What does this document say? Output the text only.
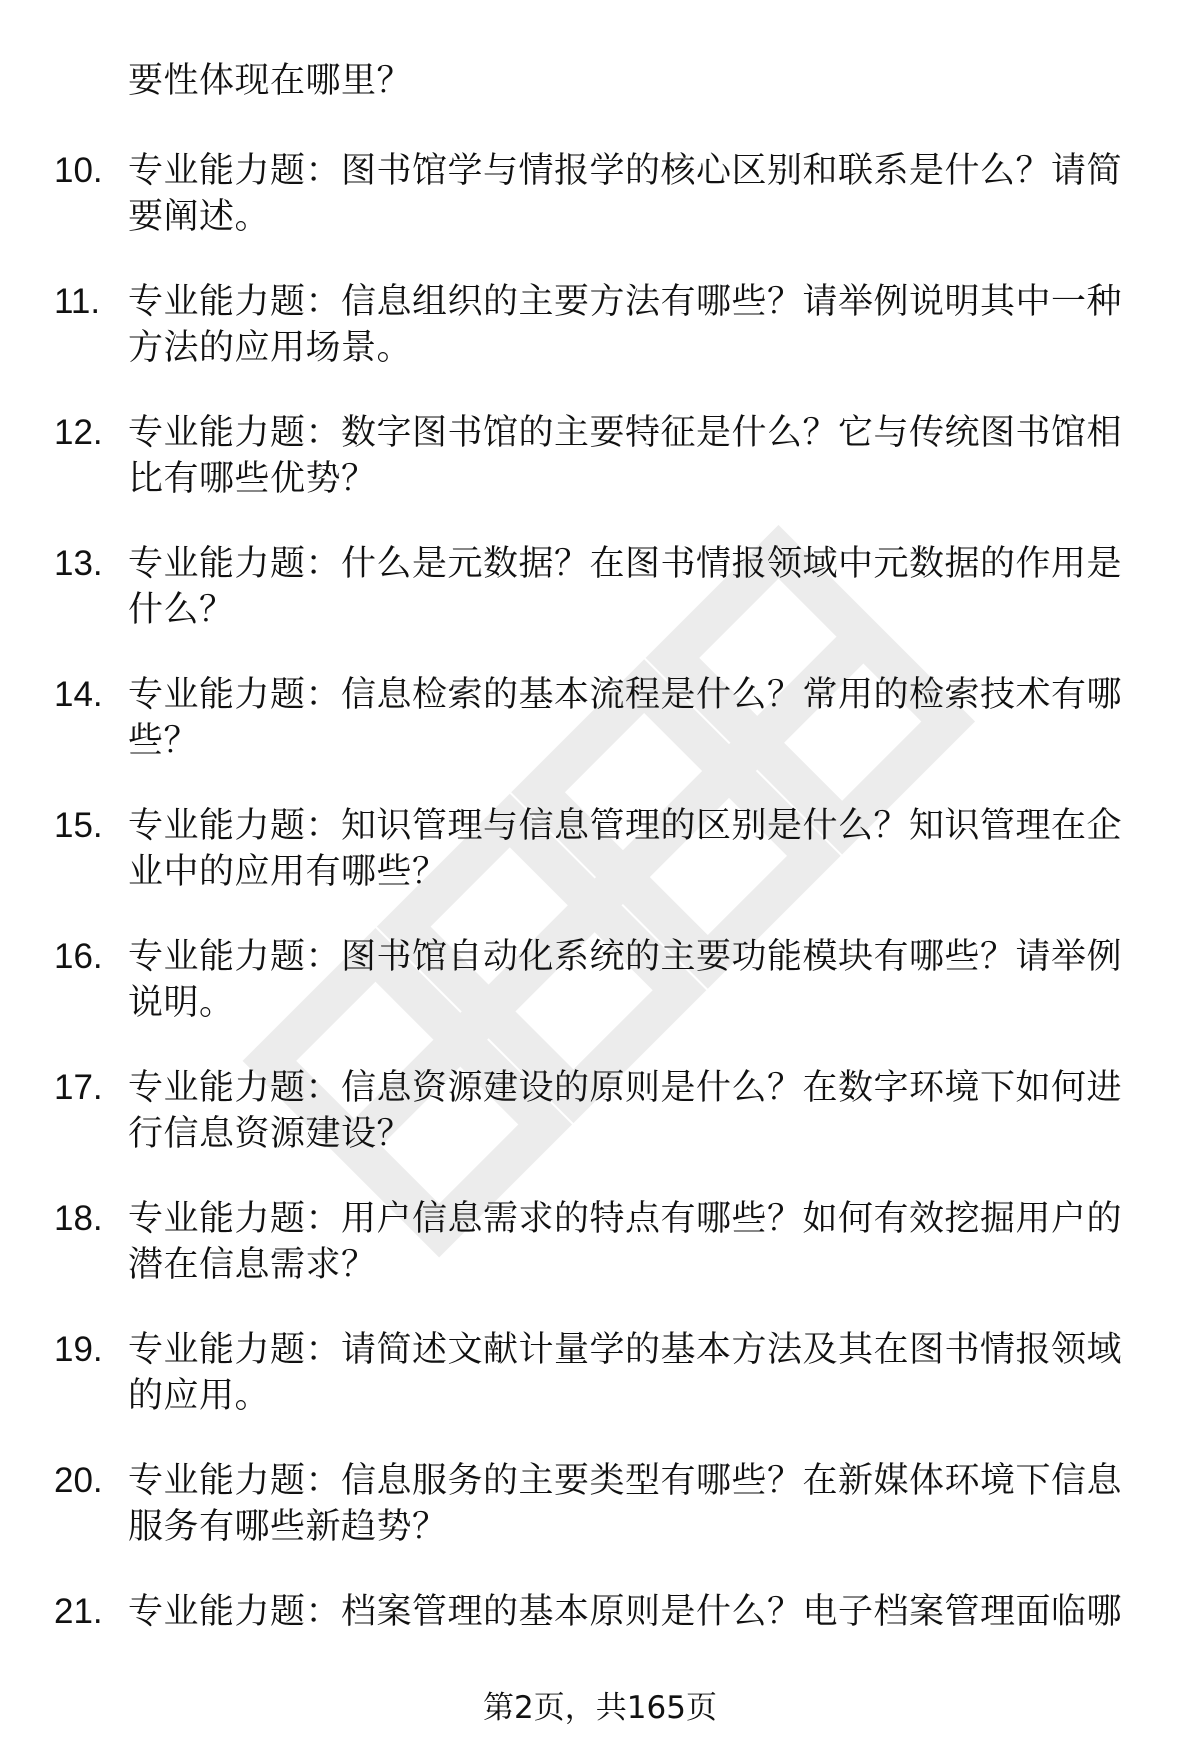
要性体现在哪里？
10. 专业能力题：图书馆学与情报学的核心区别和联系是什么？请简要阐述。
11. 专业能力题：信息组织的主要方法有哪些？请举例说明其中一种方法的应用场景。
12. 专业能力题：数字图书馆的主要特征是什么？它与传统图书馆相比有哪些优势？
13. 专业能力题：什么是元数据？在图书情报领域中元数据的作用是什么？
14. 专业能力题：信息检索的基本流程是什么？常用的检索技术有哪些？
15. 专业能力题：知识管理与信息管理的区别是什么？知识管理在企业中的应用有哪些？
16. 专业能力题：图书馆自动化系统的主要功能模块有哪些？请举例说明。
17. 专业能力题：信息资源建设的原则是什么？在数字环境下如何进行信息资源建设？
18. 专业能力题：用户信息需求的特点有哪些？如何有效挖掘用户的潜在信息需求？
19. 专业能力题：请简述文献计量学的基本方法及其在图书情报领域的应用。
20. 专业能力题：信息服务的主要类型有哪些？在新媒体环境下信息服务有哪些新趋势？
21. 专业能力题：档案管理的基本原则是什么？电子档案管理面临哪
第2页，共165页
